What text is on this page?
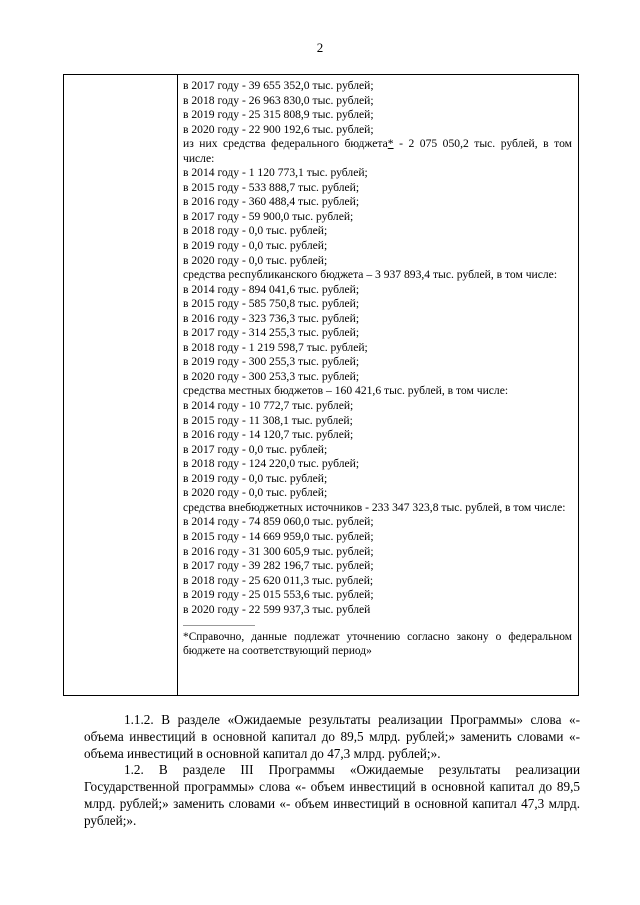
2
в 2017 году - 39 655 352,0 тыс. рублей;
в 2018 году - 26 963 830,0 тыс. рублей;
в 2019 году - 25 315 808,9 тыс. рублей;
в 2020 году - 22 900 192,6 тыс. рублей;
из них средства федерального бюджета* - 2 075 050,2 тыс. рублей, в том числе:
в 2014 году - 1 120 773,1 тыс. рублей;
в 2015 году - 533 888,7 тыс. рублей;
в 2016 году - 360 488,4 тыс. рублей;
в 2017 году - 59 900,0 тыс. рублей;
в 2018 году - 0,0 тыс. рублей;
в 2019 году - 0,0 тыс. рублей;
в 2020 году - 0,0 тыс. рублей;
средства республиканского бюджета – 3 937 893,4 тыс. рублей, в том числе:
в 2014 году - 894 041,6 тыс. рублей;
в 2015 году - 585 750,8 тыс. рублей;
в 2016 году - 323 736,3 тыс. рублей;
в 2017 году - 314 255,3 тыс. рублей;
в 2018 году - 1 219 598,7 тыс. рублей;
в 2019 году - 300 255,3 тыс. рублей;
в 2020 году - 300 253,3 тыс. рублей;
средства местных бюджетов – 160 421,6 тыс. рублей, в том числе:
в 2014 году - 10 772,7 тыс. рублей;
в 2015 году - 11 308,1 тыс. рублей;
в 2016 году - 14 120,7 тыс. рублей;
в 2017 году - 0,0 тыс. рублей;
в 2018 году - 124 220,0 тыс. рублей;
в 2019 году - 0,0 тыс. рублей;
в 2020 году - 0,0 тыс. рублей;
средства внебюджетных источников - 233 347 323,8 тыс. рублей, в том числе:
в 2014 году - 74 859 060,0 тыс. рублей;
в 2015 году - 14 669 959,0 тыс. рублей;
в 2016 году - 31 300 605,9 тыс. рублей;
в 2017 году - 39 282 196,7 тыс. рублей;
в 2018 году - 25 620 011,3 тыс. рублей;
в 2019 году - 25 015 553,6 тыс. рублей;
в 2020 году - 22 599 937,3 тыс. рублей
*Справочно, данные подлежат уточнению согласно закону о федеральном бюджете на соответствующий период»

1.1.2. В разделе «Ожидаемые результаты реализации Программы» слова «- объема инвестиций в основной капитал до 89,5 млрд. рублей;» заменить словами «- объема инвестиций в основной капитал до 47,3 млрд. рублей;».

1.2. В разделе III Программы «Ожидаемые результаты реализации Государственной программы» слова «- объем инвестиций в основной капитал до 89,5 млрд. рублей;» заменить словами «- объем инвестиций в основной капитал 47,3 млрд. рублей;».
